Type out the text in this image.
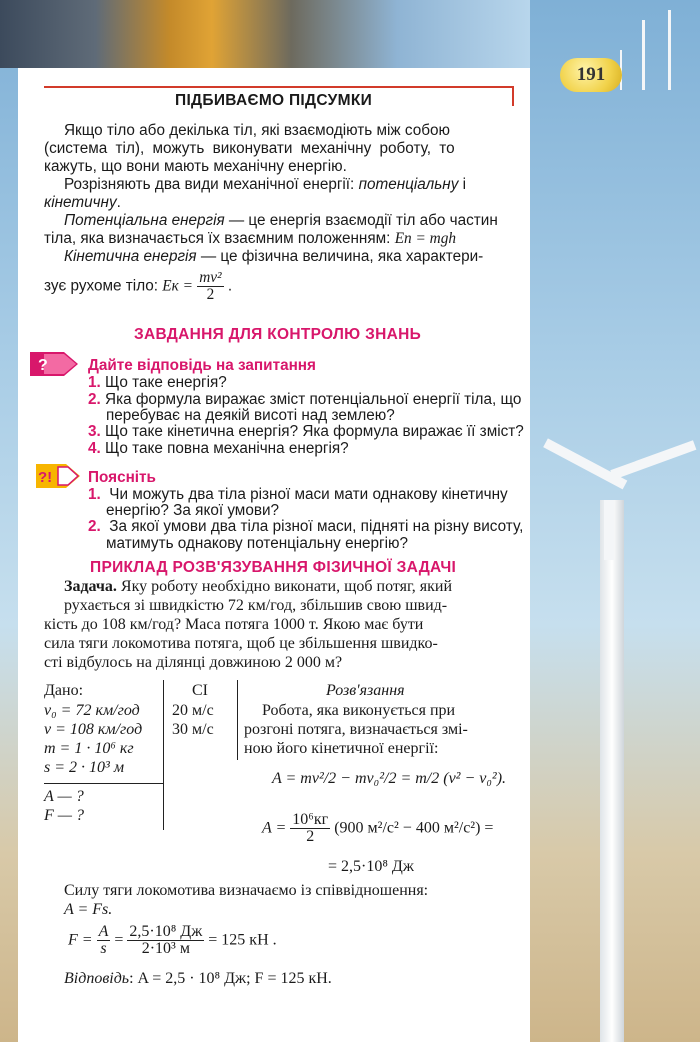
191
ПІДБИВАЄМО ПІДСУМКИ
Якщо тіло або декілька тіл, які взаємодіють між собою
(система тіл), можуть виконувати механічну роботу, то
кажуть, що вони мають механічну енергію.
Розрізняють два види механічної енергії: потенціальну і
кінетичну.
Потенціальна енергія — це енергія взаємодії тіл або частин
тіла, яка визначається їх взаємним положенням: Eп = mgh
Кінетична енергія — це фізична величина, яка характери-
зує рухоме тіло: Eк = $\frac{\text{mv²}}{2}$ .
ЗАВДАННЯ ДЛЯ КОНТРОЛЮ ЗНАНЬ
?	Дайте відповідь на запитання
1. Що таке енергія?
2. Яка формула виражає зміст потенціальної енергії тіла, що
перебуває на деякій висоті над землею?
3. Що таке кінетична енергія? Яка формула виражає її зміст?
4. Що таке повна механічна енергія?
?! Поясніть
1. Чи можуть два тіла різної маси мати однакову кінетичну
енергію? За якої умови?
2. За якої умови два тіла різної маси, підняті на різну висоту,
матимуть однакову потенціальну енергію?
ПРИКЛАД РОЗВ'ЯЗУВАННЯ ФІЗИЧНОЇ ЗАДАЧІ
Задача. Яку роботу необхідно виконати, щоб потяг, який
рухається зі швидкістю 72 км/год, збільшив свою швид-
кість до 108 км/год? Маса потяга 1000 т. Якою має бути
сила тяги локомотива потяга, щоб це збільшення швидко-
сті відбулось на ділянці довжиною 2 000 м?
Дано:
v₀ = 72 км/год
v = 108 км/год
m = 1 · 10⁶ кг
s = 2 · 10³ м
A — ?
F — ?
СІ
20 м/с
30 м/с
Розв'язання
Робота, яка виконується при
розгоні потяга, визначається змі-
ною його кінетичної енергії:
A = mv²/2 − mv₀²/2 = m/2 (v² − v₀²).
$A = \frac{\text{10⁶кг}}{2} (900$ м²/с² − 400 м²/с²) =
= 2,5·10⁸ Дж
Силу тяги локомотива визначаємо із співвідношення:
A = Fs.
$F = \frac{A}{s} = \frac{\text{2,5·10⁸ Дж}}{\text{2·10³ м}} = 125$ кН .
Відповідь: A = 2,5 · 10⁸ Дж; F = 125 кН.
